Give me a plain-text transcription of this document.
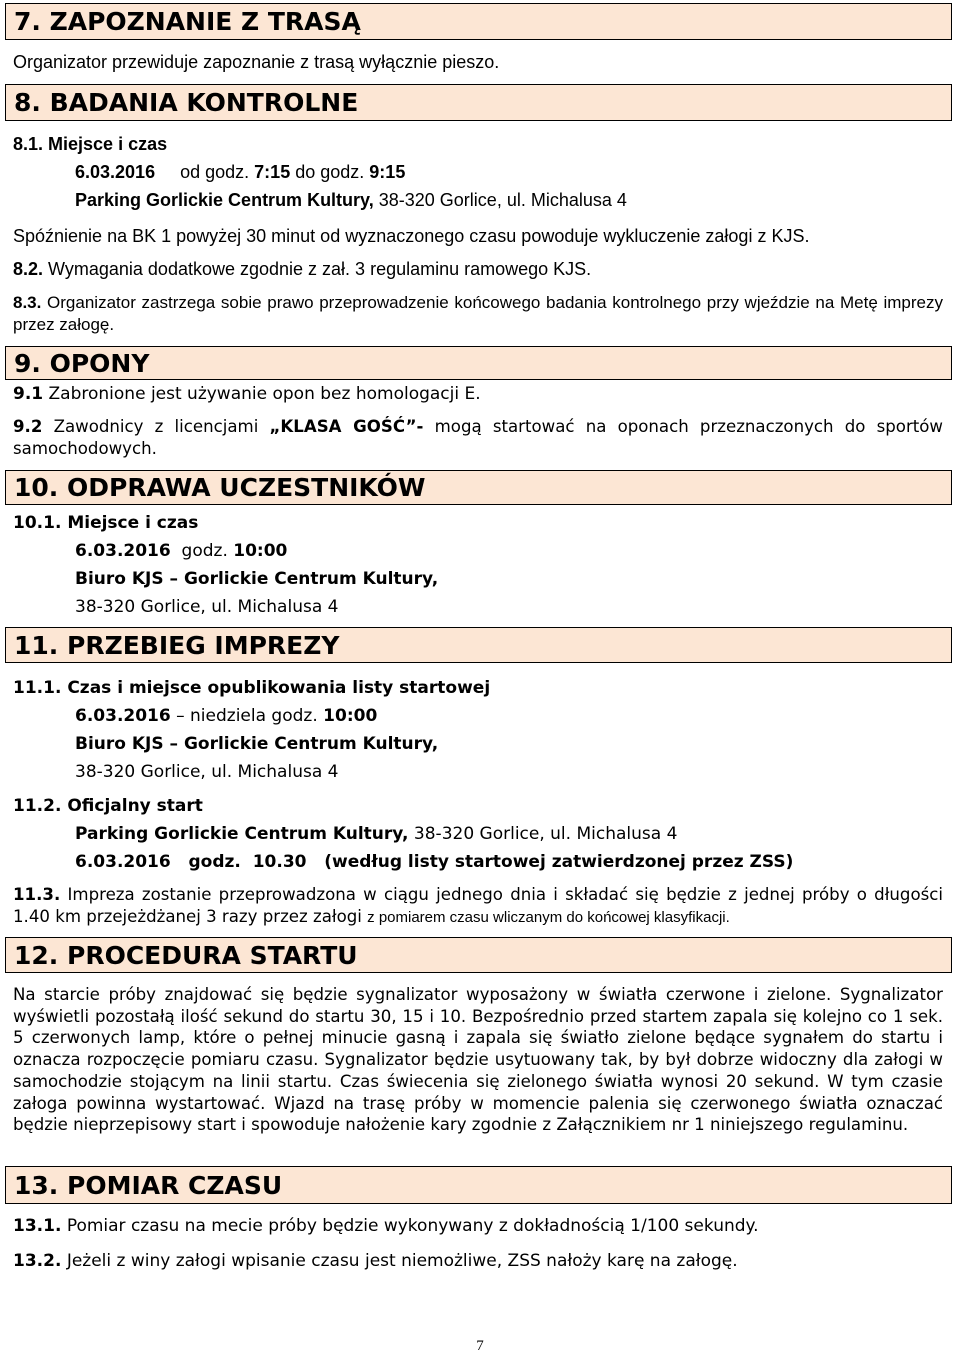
7. ZAPOZNANIE Z TRASĄ
Organizator przewiduje zapoznanie z trasą wyłącznie pieszo.
8. BADANIA KONTROLNE
8.1. Miejsce i czas
6.03.2016 od godz. 7:15 do godz. 9:15
Parking Gorlickie Centrum Kultury, 38-320 Gorlice, ul. Michalusa 4
Spóźnienie na BK 1 powyżej 30 minut od wyznaczonego czasu powoduje wykluczenie załogi z KJS.
8.2. Wymagania dodatkowe zgodnie z zał. 3 regulaminu ramowego KJS.
8.3. Organizator zastrzega sobie prawo przeprowadzenie końcowego badania kontrolnego przy wjeździe na Metę imprezy przez załogę.
9. OPONY
9.1 Zabronione jest używanie opon bez homologacji E.
9.2 Zawodnicy z licencjami „KLASA GOŚĆ”- mogą startować na oponach przeznaczonych do sportów samochodowych.
10. ODPRAWA UCZESTNIKÓW
10.1. Miejsce i czas
6.03.2016 godz. 10:00
Biuro KJS – Gorlickie Centrum Kultury,
38-320 Gorlice, ul. Michalusa 4
11. PRZEBIEG IMPREZY
11.1. Czas i miejsce opublikowania listy startowej
6.03.2016 – niedziela godz. 10:00
Biuro KJS – Gorlickie Centrum Kultury,
38-320 Gorlice, ul. Michalusa 4
11.2. Oficjalny start
Parking Gorlickie Centrum Kultury, 38-320 Gorlice, ul. Michalusa 4
6.03.2016 godz. 10.30 (według listy startowej zatwierdzonej przez ZSS)
11.3. Impreza zostanie przeprowadzona w ciągu jednego dnia i składać się będzie z jednej próby o długości 1.40 km przejeżdżanej 3 razy przez załogi z pomiarem czasu wliczanym do końcowej klasyfikacji.
12. PROCEDURA STARTU
Na starcie próby znajdować się będzie sygnalizator wyposażony w światła czerwone i zielone. Sygnalizator wyświetli pozostałą ilość sekund do startu 30, 15 i 10. Bezpośrednio przed startem zapala się kolejno co 1 sek. 5 czerwonych lamp, które o pełnej minucie gasną i zapala się światło zielone będące sygnałem do startu i oznacza rozpoczęcie pomiaru czasu. Sygnalizator będzie usytuowany tak, by był dobrze widoczny dla załogi w samochodzie stojącym na linii startu. Czas świecenia się zielonego światła wynosi 20 sekund. W tym czasie załoga powinna wystartować. Wjazd na trasę próby w momencie palenia się czerwonego światła oznaczać będzie nieprzepisowy start i spowoduje nałożenie kary zgodnie z Załącznikiem nr 1 niniejszego regulaminu.
13. POMIAR CZASU
13.1. Pomiar czasu na mecie próby będzie wykonywany z dokładnością 1/100 sekundy.
13.2. Jeżeli z winy załogi wpisanie czasu jest niemożliwe, ZSS nałoży karę na załogę.
7
